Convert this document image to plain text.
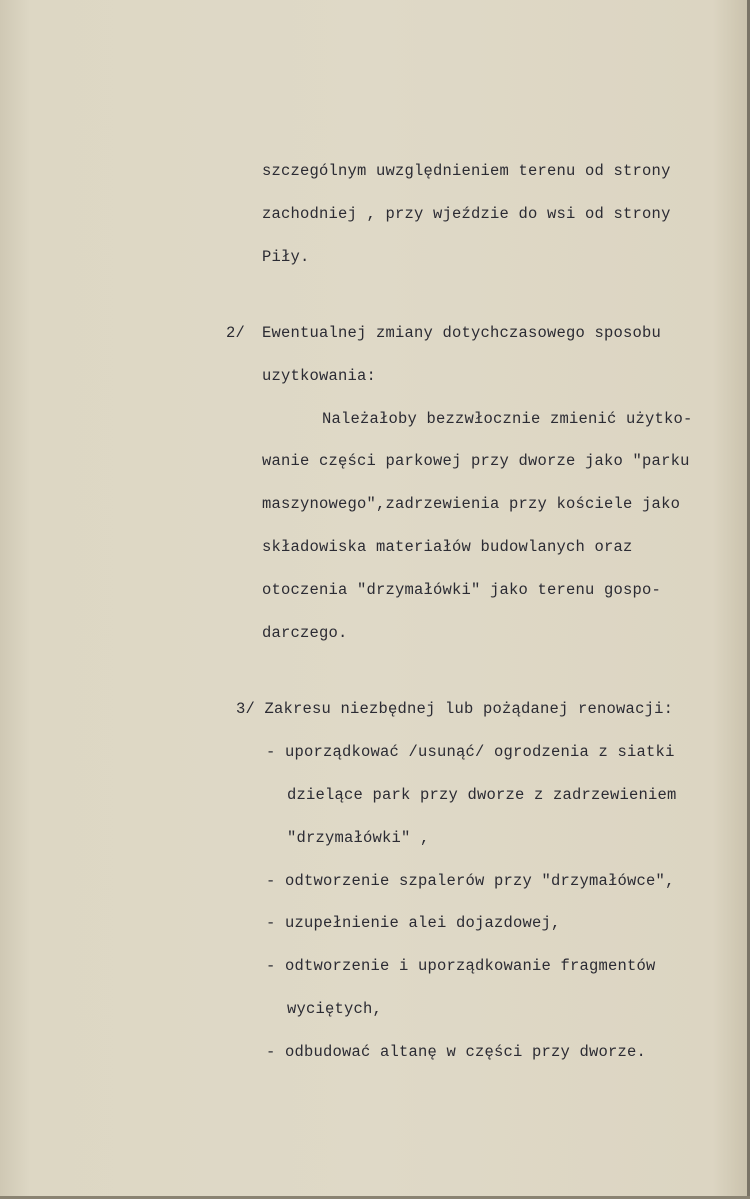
szczególnym uwzględnieniem terenu od strony
zachodniej , przy wjeździe do wsi od strony
Piły.
2/ Ewentualnej zmiany dotychczasowego sposobu
uzytkowania:
Należałoby bezzwłocznie zmienić użytko-
wanie części parkowej przy dworze jako "parku
maszynowego",zadrzewienia przy kościele jako
składowiska materiałów budowlanych oraz
otoczenia "drzymałówki" jako terenu gospo-
darczego.
3/ Zakresu niezbędnej lub pożądanej renowacji:
- uporządkować /usunąć/ ogrodzenia z siatki
dzielące park przy dworze z zadrzewieniem
"drzymałówki" ,
- odtworzenie szpalerów przy "drzymałówce",
- uzupełnienie alei dojazdowej,
- odtworzenie i uporządkowanie fragmentów
wyciętych,
- odbudować altanę w części przy dworze.
